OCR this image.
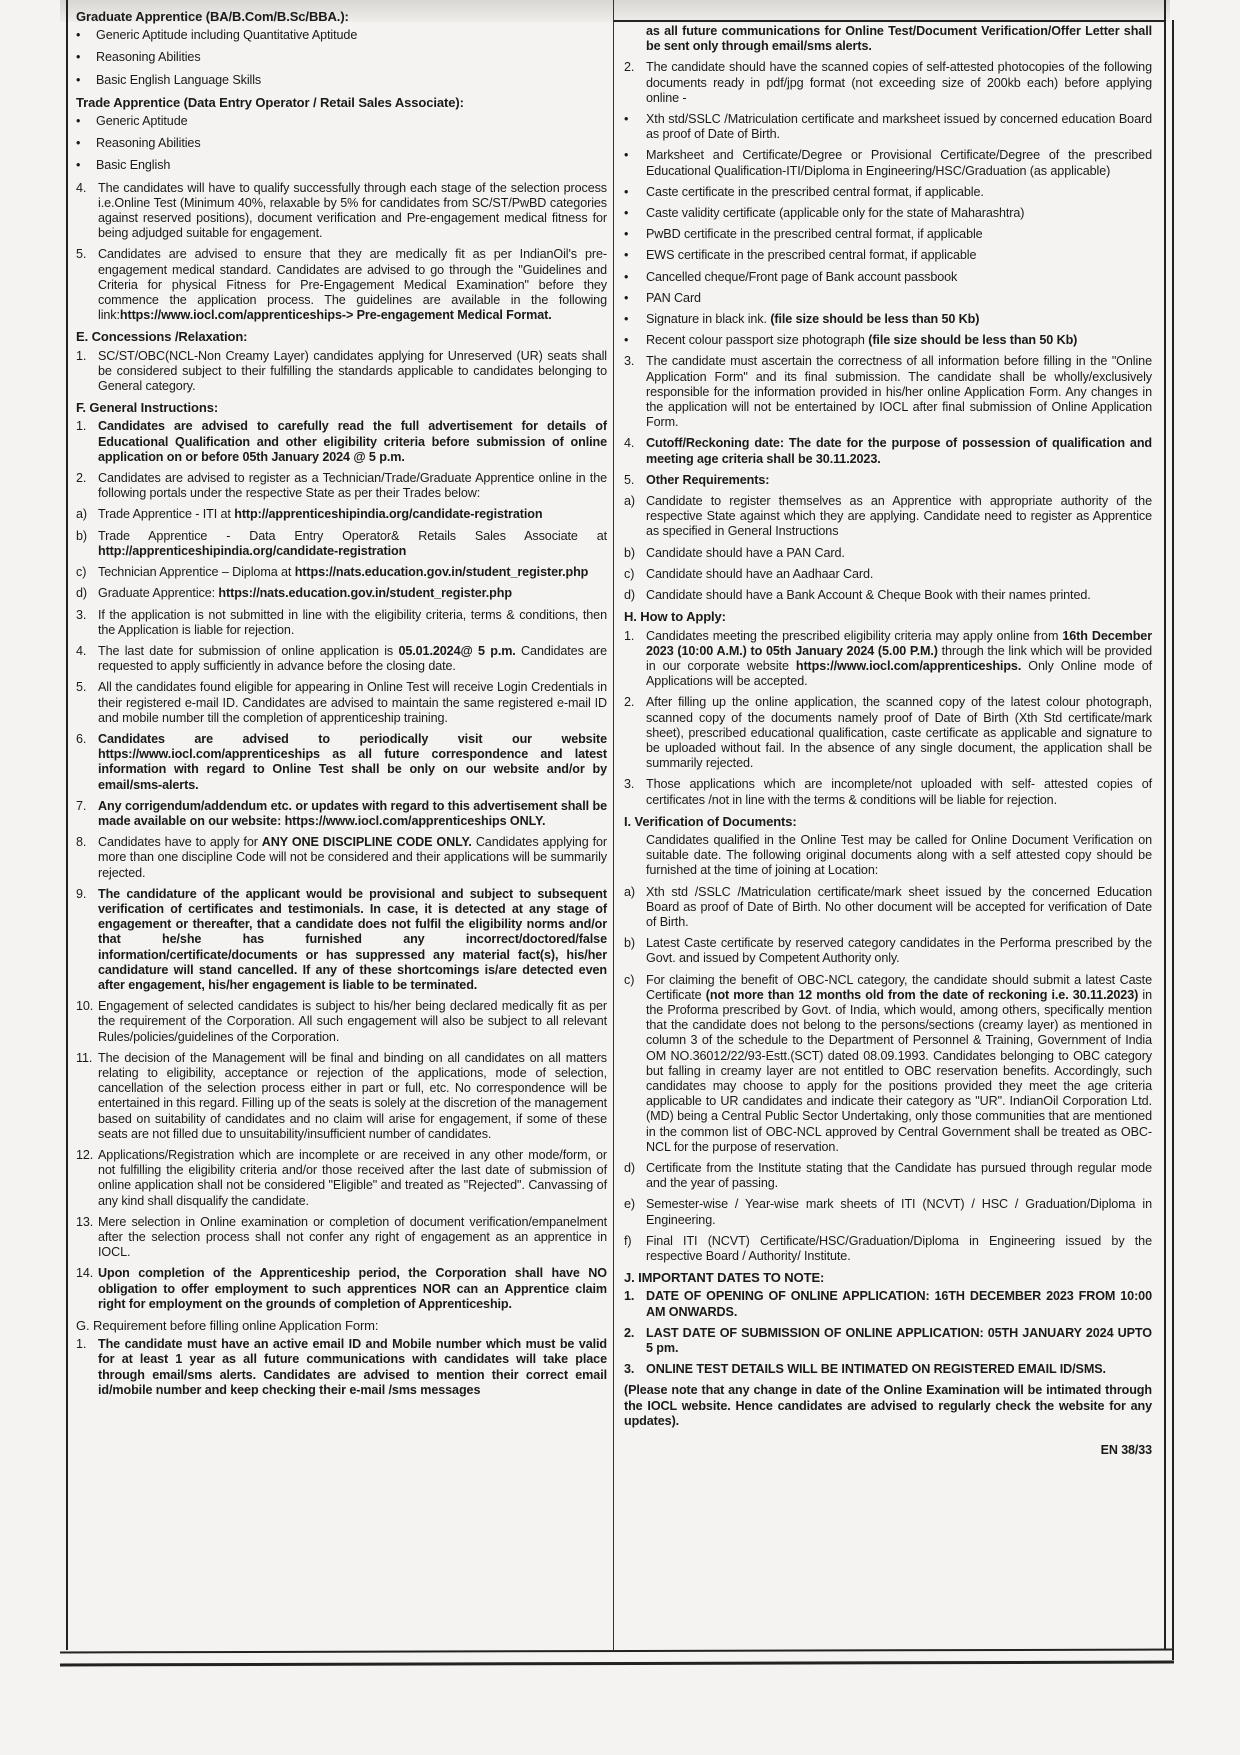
Graduate Apprentice (BA/B.Com/B.Sc/BBA.):
•	Generic Aptitude including Quantitative Aptitude
•	Reasoning Abilities
•	Basic English Language Skills
Trade Apprentice (Data Entry Operator / Retail Sales Associate):
•	Generic Aptitude
•	Reasoning Abilities
•	Basic English
4. The candidates will have to qualify successfully through each stage of the selection process i.e.Online Test (Minimum 40%, relaxable by 5% for candidates from SC/ST/PwBD categories against reserved positions), document verification and Pre-engagement medical fitness for being adjudged suitable for engagement.
5. Candidates are advised to ensure that they are medically fit as per IndianOil's pre-engagement medical standard. Candidates are advised to go through the "Guidelines and Criteria for physical Fitness for Pre-Engagement Medical Examination" before they commence the application process. The guidelines are available in the following link:https://www.iocl.com/apprenticeships-> Pre-engagement Medical Format.
E. Concessions /Relaxation:
1. SC/ST/OBC(NCL-Non Creamy Layer) candidates applying for Unreserved (UR) seats shall be considered subject to their fulfilling the standards applicable to candidates belonging to General category.
F. General Instructions:
1. Candidates are advised to carefully read the full advertisement for details of Educational Qualification and other eligibility criteria before submission of online application on or before 05th January 2024 @ 5 p.m.
2. Candidates are advised to register as a Technician/Trade/Graduate Apprentice online in the following portals under the respective State as per their Trades below:
a) Trade Apprentice - ITI at http://apprenticeshipindia.org/candidate-registration
b) Trade Apprentice - Data Entry Operator& Retails Sales Associate at http://apprenticeshipindia.org/candidate-registration
c) Technician Apprentice – Diploma at https://nats.education.gov.in/student_register.php
d) Graduate Apprentice: https://nats.education.gov.in/student_register.php
3. If the application is not submitted in line with the eligibility criteria, terms & conditions, then the Application is liable for rejection.
4. The last date for submission of online application is 05.01.2024@ 5 p.m. Candidates are requested to apply sufficiently in advance before the closing date.
5. All the candidates found eligible for appearing in Online Test will receive Login Credentials in their registered e-mail ID. Candidates are advised to maintain the same registered e-mail ID and mobile number till the completion of apprenticeship training.
6. Candidates are advised to periodically visit our website https://www.iocl.com/apprenticeships as all future correspondence and latest information with regard to Online Test shall be only on our website and/or by email/sms-alerts.
7. Any corrigendum/addendum etc. or updates with regard to this advertisement shall be made available on our website: https://www.iocl.com/apprenticeships ONLY.
8. Candidates have to apply for ANY ONE DISCIPLINE CODE ONLY. Candidates applying for more than one discipline Code will not be considered and their applications will be summarily rejected.
9. The candidature of the applicant would be provisional and subject to subsequent verification of certificates and testimonials. In case, it is detected at any stage of engagement or thereafter, that a candidate does not fulfil the eligibility norms and/or that he/she has furnished any incorrect/doctored/false information/certificate/documents or has suppressed any material fact(s), his/her candidature will stand cancelled. If any of these shortcomings is/are detected even after engagement, his/her engagement is liable to be terminated.
10. Engagement of selected candidates is subject to his/her being declared medically fit as per the requirement of the Corporation. All such engagement will also be subject to all relevant Rules/policies/guidelines of the Corporation.
11. The decision of the Management will be final and binding on all candidates on all matters relating to eligibility, acceptance or rejection of the applications, mode of selection, cancellation of the selection process either in part or full, etc. No correspondence will be entertained in this regard. Filling up of the seats is solely at the discretion of the management based on suitability of candidates and no claim will arise for engagement, if some of these seats are not filled due to unsuitability/insufficient number of candidates.
12. Applications/Registration which are incomplete or are received in any other mode/form, or not fulfilling the eligibility criteria and/or those received after the last date of submission of online application shall not be considered "Eligible" and treated as "Rejected". Canvassing of any kind shall disqualify the candidate.
13. Mere selection in Online examination or completion of document verification/empanelment after the selection process shall not confer any right of engagement as an apprentice in IOCL.
14. Upon completion of the Apprenticeship period, the Corporation shall have NO obligation to offer employment to such apprentices NOR can an Apprentice claim right for employment on the grounds of completion of Apprenticeship.
G. Requirement before filling online Application Form:
1. The candidate must have an active email ID and Mobile number which must be valid for at least 1 year as all future communications with candidates will take place through email/sms alerts. Candidates are advised to mention their correct email id/mobile number and keep checking their e-mail /sms messages
as all future communications for Online Test/Document Verification/Offer Letter shall be sent only through email/sms alerts.
2. The candidate should have the scanned copies of self-attested photocopies of the following documents ready in pdf/jpg format (not exceeding size of 200kb each) before applying online -
•	Xth std/SSLC /Matriculation certificate and marksheet issued by concerned education Board as proof of Date of Birth.
•	Marksheet and Certificate/Degree or Provisional Certificate/Degree of the prescribed Educational Qualification-ITI/Diploma in Engineering/HSC/Graduation (as applicable)
•	Caste certificate in the prescribed central format, if applicable.
•	Caste validity certificate (applicable only for the state of Maharashtra)
•	PwBD certificate in the prescribed central format, if applicable
•	EWS certificate in the prescribed central format, if applicable
•	Cancelled cheque/Front page of Bank account passbook
•	PAN Card
•	Signature in black ink. (file size should be less than 50 Kb)
•	Recent colour passport size photograph (file size should be less than 50 Kb)
3. The candidate must ascertain the correctness of all information before filling in the "Online Application Form" and its final submission. The candidate shall be wholly/exclusively responsible for the information provided in his/her online Application Form. Any changes in the application will not be entertained by IOCL after final submission of Online Application Form.
4. Cutoff/Reckoning date: The date for the purpose of possession of qualification and meeting age criteria shall be 30.11.2023.
5. Other Requirements:
a) Candidate to register themselves as an Apprentice with appropriate authority of the respective State against which they are applying. Candidate need to register as Apprentice as specified in General Instructions
b) Candidate should have a PAN Card.
c) Candidate should have an Aadhaar Card.
d) Candidate should have a Bank Account & Cheque Book with their names printed.
H. How to Apply:
1. Candidates meeting the prescribed eligibility criteria may apply online from 16th December 2023 (10:00 A.M.) to 05th January 2024 (5.00 P.M.) through the link which will be provided in our corporate website https://www.iocl.com/apprenticeships. Only Online mode of Applications will be accepted.
2. After filling up the online application, the scanned copy of the latest colour photograph, scanned copy of the documents namely proof of Date of Birth (Xth Std certificate/mark sheet), prescribed educational qualification, caste certificate as applicable and signature to be uploaded without fail. In the absence of any single document, the application shall be summarily rejected.
3. Those applications which are incomplete/not uploaded with self- attested copies of certificates /not in line with the terms & conditions will be liable for rejection.
I. Verification of Documents:
Candidates qualified in the Online Test may be called for Online Document Verification on suitable date. The following original documents along with a self attested copy should be furnished at the time of joining at Location:
a) Xth std /SSLC /Matriculation certificate/mark sheet issued by the concerned Education Board as proof of Date of Birth. No other document will be accepted for verification of Date of Birth.
b) Latest Caste certificate by reserved category candidates in the Performa prescribed by the Govt. and issued by Competent Authority only.
c) For claiming the benefit of OBC-NCL category, the candidate should submit a latest Caste Certificate (not more than 12 months old from the date of reckoning i.e. 30.11.2023) in the Proforma prescribed by Govt. of India, which would, among others, specifically mention that the candidate does not belong to the persons/sections (creamy layer) as mentioned in column 3 of the schedule to the Department of Personnel & Training, Government of India OM NO.36012/22/93-Estt.(SCT) dated 08.09.1993. Candidates belonging to OBC category but falling in creamy layer are not entitled to OBC reservation benefits. Accordingly, such candidates may choose to apply for the positions provided they meet the age criteria applicable to UR candidates and indicate their category as "UR". IndianOil Corporation Ltd. (MD) being a Central Public Sector Undertaking, only those communities that are mentioned in the common list of OBC-NCL approved by Central Government shall be treated as OBC-NCL for the purpose of reservation.
d) Certificate from the Institute stating that the Candidate has pursued through regular mode and the year of passing.
e) Semester-wise / Year-wise mark sheets of ITI (NCVT) / HSC / Graduation/Diploma in Engineering.
f)	Final ITI (NCVT) Certificate/HSC/Graduation/Diploma in Engineering issued by the respective Board / Authority/ Institute.
J. IMPORTANT DATES TO NOTE:
1. DATE OF OPENING OF ONLINE APPLICATION: 16TH DECEMBER 2023 FROM 10:00 AM ONWARDS.
2. LAST DATE OF SUBMISSION OF ONLINE APPLICATION: 05TH JANUARY 2024 UPTO 5 pm.
3. ONLINE TEST DETAILS WILL BE INTIMATED ON REGISTERED EMAIL ID/SMS.
(Please note that any change in date of the Online Examination will be intimated through the IOCL website. Hence candidates are advised to regularly check the website for any updates).
EN 38/33
